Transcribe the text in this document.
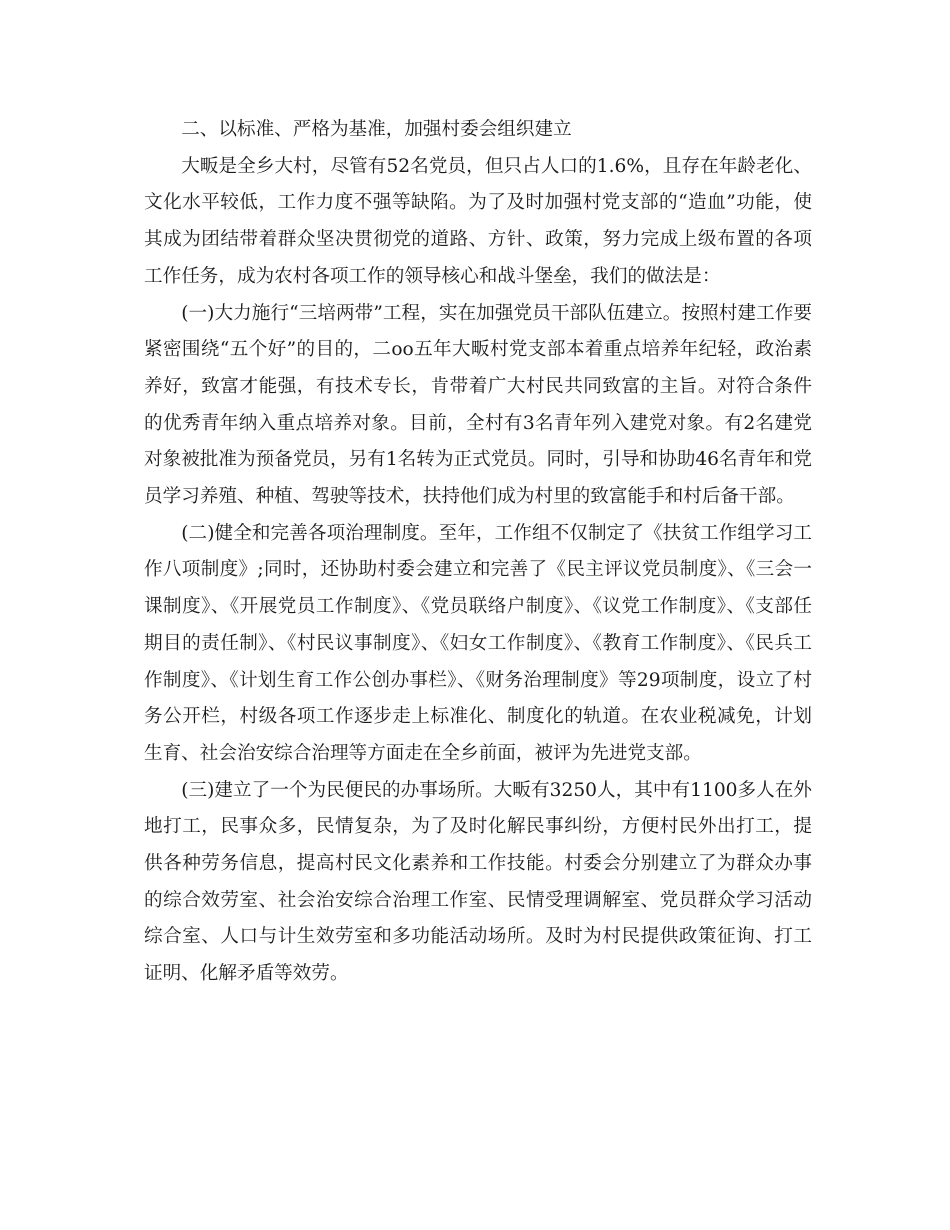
二、以标准、严格为基准，加强村委会组织建立

大畈是全乡大村，尽管有52名党员，但只占人口的1.6%，且存在年龄老化、文化水平较低，工作力度不强等缺陷。为了及时加强村党支部的“造血”功能，使其成为团结带着群众坚决贯彻党的道路、方针、政策，努力完成上级布置的各项工作任务，成为农村各项工作的领导核心和战斗堡垒，我们的做法是：

(一)大力施行“三培两带”工程，实在加强党员干部队伍建立。按照村建工作要紧密围绕“五个好”的目的，二oo五年大畈村党支部本着重点培养年纪轻，政治素养好，致富才能强，有技术专长，肯带着广大村民共同致富的主旨。对符合条件的优秀青年纳入重点培养对象。目前，全村有3名青年列入建党对象。有2名建党对象被批准为预备党员，另有1名转为正式党员。同时，引导和协助46名青年和党员学习养殖、种植、驾驶等技术，扶持他们成为村里的致富能手和村后备干部。

(二)健全和完善各项治理制度。至年，工作组不仅制定了《扶贫工作组学习工作八项制度》;同时，还协助村委会建立和完善了《民主评议党员制度》、《三会一课制度》、《开展党员工作制度》、《党员联络户制度》、《议党工作制度》、《支部任期目的责任制》、《村民议事制度》、《妇女工作制度》、《教育工作制度》、《民兵工作制度》、《计划生育工作公创办事栏》、《财务治理制度》等29项制度，设立了村务公开栏，村级各项工作逐步走上标准化、制度化的轨道。在农业税减免，计划生育、社会治安综合治理等方面走在全乡前面，被评为先进党支部。

(三)建立了一个为民便民的办事场所。大畈有3250人，其中有1100多人在外地打工，民事众多，民情复杂，为了及时化解民事纠纷，方便村民外出打工，提供各种劳务信息，提高村民文化素养和工作技能。村委会分别建立了为群众办事的综合效劳室、社会治安综合治理工作室、民情受理调解室、党员群众学习活动综合室、人口与计生效劳室和多功能活动场所。及时为村民提供政策征询、打工证明、化解矛盾等效劳。
